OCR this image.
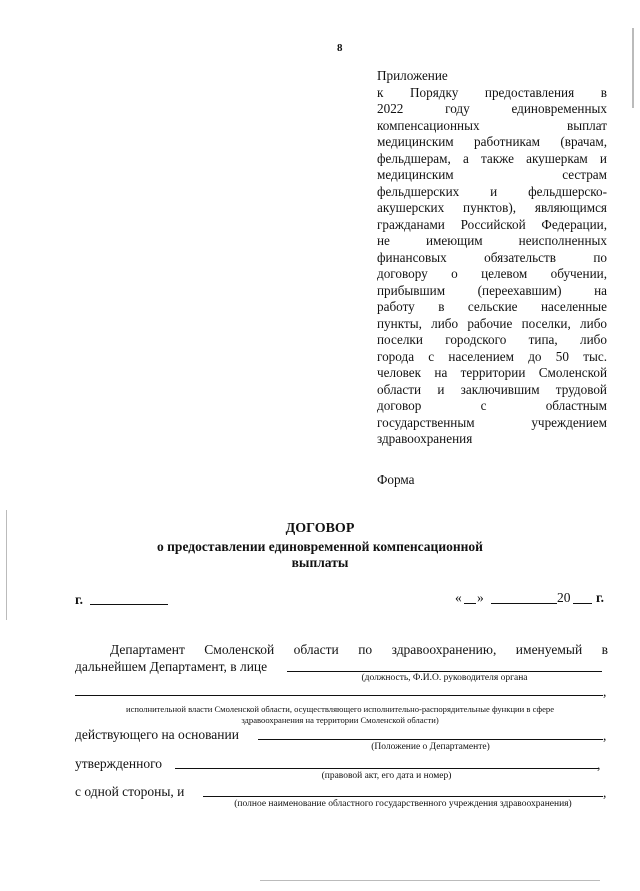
8
Приложение
к Порядку предоставления в
2022 году единовременных
компенсационных выплат
медицинским работникам (врачам,
фельдшерам, а также акушеркам и
медицинским сестрам
фельдшерских и фельдшерско-
акушерских пунктов), являющимся
гражданами Российской Федерации,
не имеющим неисполненных
финансовых обязательств по
договору о целевом обучении,
прибывшим (переехавшим) на
работу в сельские населенные
пункты, либо рабочие поселки, либо
поселки городского типа, либо
города с населением до 50 тыс.
человек на территории Смоленской
области и заключившим трудовой
договор с областным
государственным учреждением
здравоохранения
Форма
ДОГОВОР
о предоставлении единовременной компенсационной
выплаты
г.	« »	20 г.
Департамент Смоленской области по здравоохранению, именуемый в
дальнейшем Департамент, в лице
(должность, Ф.И.О. руководителя органа
,
исполнительной власти Смоленской области, осуществляющего исполнительно-распорядительные функции в сфере
здравоохранения на территории Смоленской области)
действующего на основании	,
(Положение о Департаменте)
утвержденного	,
(правовой акт, его дата и номер)
с одной стороны, и	,
(полное наименование областного государственного учреждения здравоохранения)
